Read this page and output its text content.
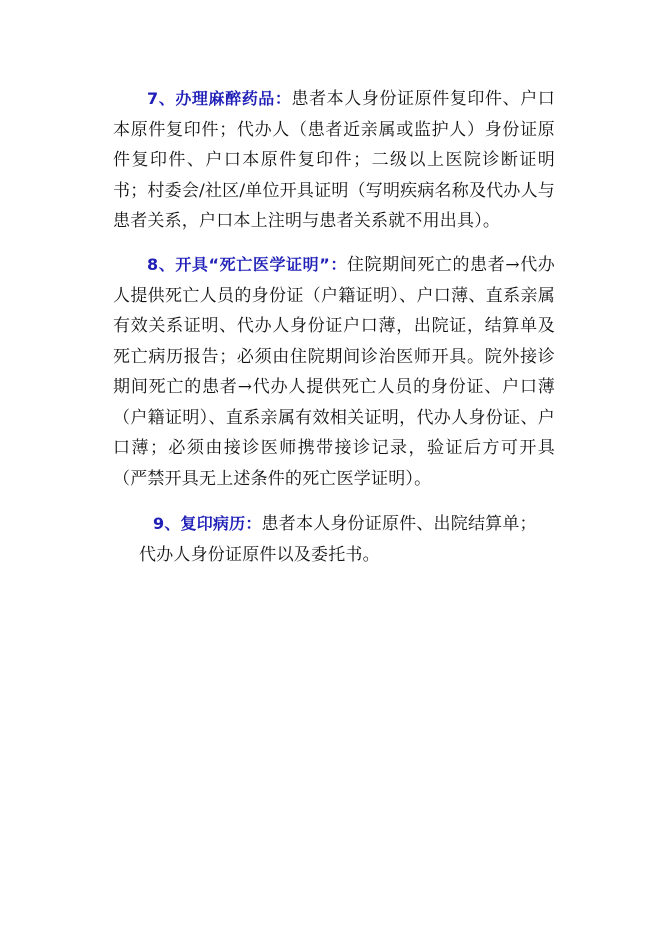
7、办理麻醉药品：患者本人身份证原件复印件、户口本原件复印件；代办人（患者近亲属或监护人）身份证原件复印件、户口本原件复印件；二级以上医院诊断证明书；村委会/社区/单位开具证明（写明疾病名称及代办人与患者关系，户口本上注明与患者关系就不用出具）。

8、开具“死亡医学证明”：住院期间死亡的患者→代办人提供死亡人员的身份证（户籍证明）、户口薄、直系亲属有效关系证明、代办人身份证户口薄，出院证，结算单及死亡病历报告；必须由住院期间诊治医师开具。院外接诊期间死亡的患者→代办人提供死亡人员的身份证、户口薄（户籍证明）、直系亲属有效相关证明，代办人身份证、户口薄；必须由接诊医师携带接诊记录，验证后方可开具（严禁开具无上述条件的死亡医学证明）。

9、复印病历：患者本人身份证原件、出院结算单；
代办人身份证原件以及委托书。
